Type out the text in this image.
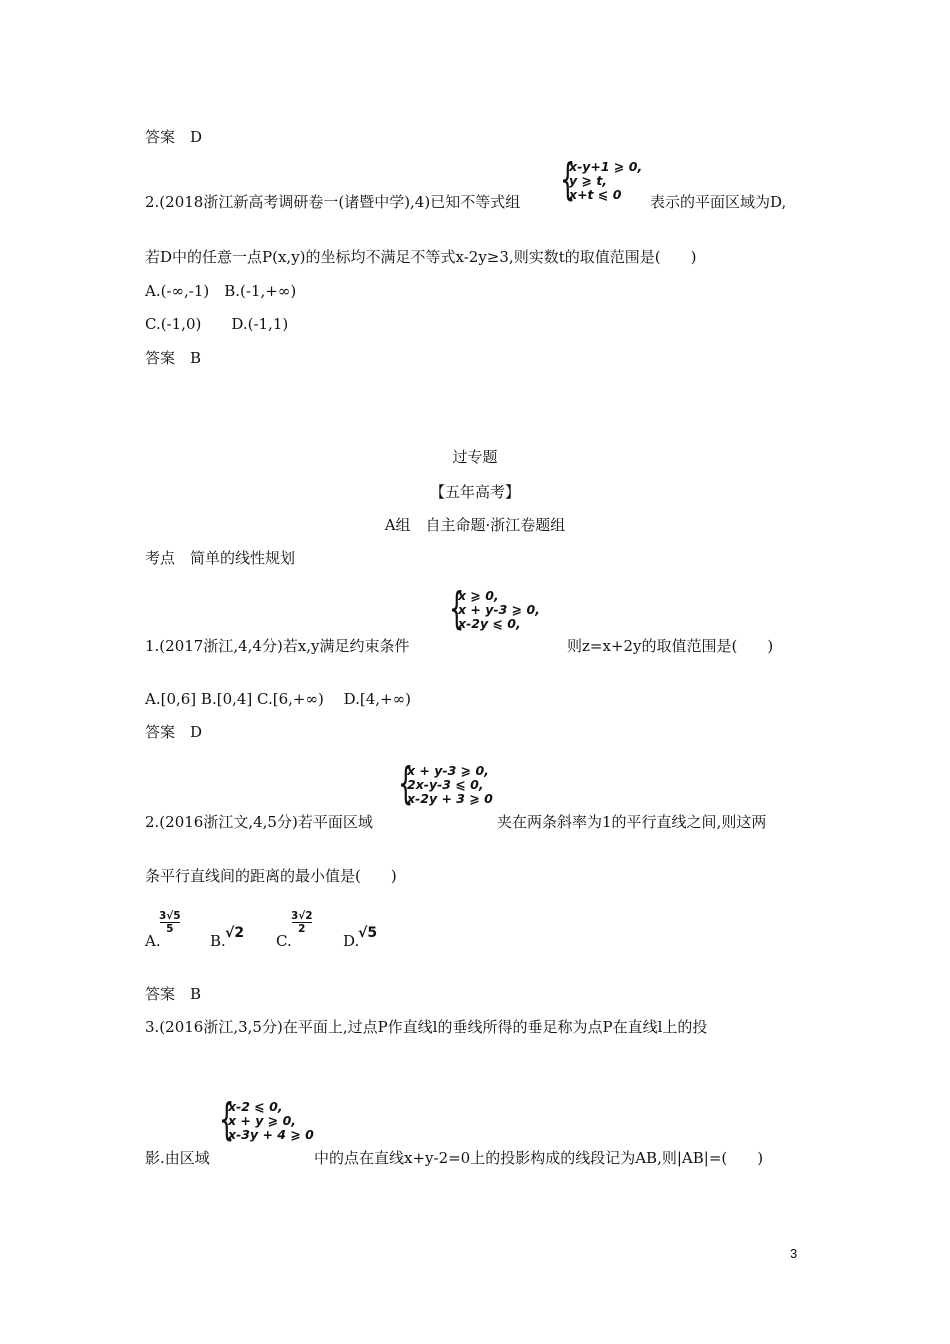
答案　D
2.(2018浙江新高考调研卷一(诸暨中学),4)已知不等式组 {
x-y+1 ⩾ 0,
y ⩾ t,
x+t ⩽ 0	表示的平面区域为D,
若D中的任意一点P(x,y)的坐标均不满足不等式x-2y≥3,则实数t的取值范围是(　　)
A.(-∞,-1)　B.(-1,+∞)
C.(-1,0)　　D.(-1,1)
答案　B
过专题
【五年高考】
A组　自主命题·浙江卷题组
考点　简单的线性规划
1.(2017浙江,4,4分)若x,y满足约束条件
{
x ⩾ 0,
x + y-3 ⩾ 0,
x-2y ⩽ 0,
则z=x+2y的取值范围是(　　)
A.[0,6] B.[0,4] C.[6,+∞)　 D.[4,+∞)
答案　D
2.(2016浙江文,4,5分)若平面区域
{
x + y-3 ⩾ 0,
2x-y-3 ⩽ 0,
x-2y + 3 ⩾ 0
夹在两条斜率为1的平行直线之间,则这两
条平行直线间的距离的最小值是(　　)
A.
3√5
5
B. √2 C.
3√2
2
D.
√5
答案　B
3.(2016浙江,3,5分)在平面上,过点P作直线l的垂线所得的垂足称为点P在直线l上的投
影.由区域
{
x-2 ⩽ 0,
x + y ⩾ 0,
x-3y + 4 ⩾ 0
中的点在直线x+y-2=0上的投影构成的线段记为AB,则|AB|=(　　)
3
